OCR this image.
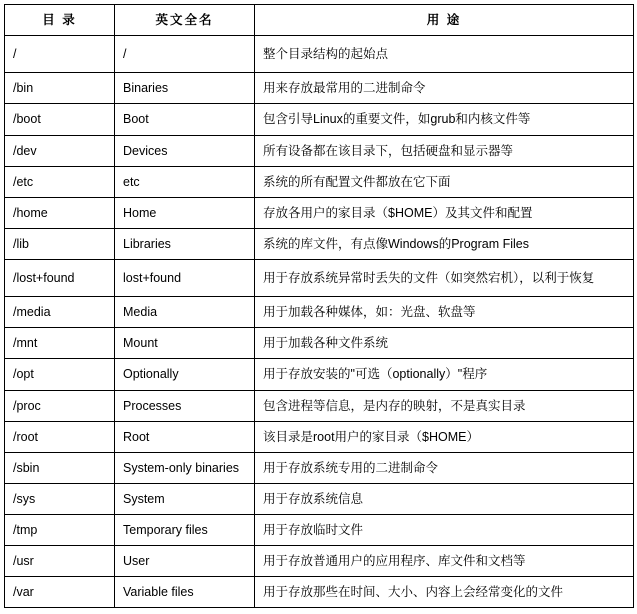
目 录	英文全名	用 途
/	/	整个目录结构的起始点
/bin	Binaries	用来存放最常用的二进制命令
/boot	Boot	包含引导Linux的重要文件，如grub和内核文件等
/dev	Devices	所有设备都在该目录下，包括硬盘和显示器等
/etc	etc	系统的所有配置文件都放在它下面
/home	Home	存放各用户的家目录（$HOME）及其文件和配置
/lib	Libraries	系统的库文件，有点像Windows的Program Files
/lost+found	lost+found	用于存放系统异常时丢失的文件（如突然宕机），以利于恢复
/media	Media	用于加载各种媒体，如：光盘、软盘等
/mnt	Mount	用于加载各种文件系统
/opt	Optionally	用于存放安装的"可选（optionally）"程序
/proc	Processes	包含进程等信息，是内存的映射，不是真实目录
/root	Root	该目录是root用户的家目录（$HOME）
/sbin	System-only binaries	用于存放系统专用的二进制命令
/sys	System	用于存放系统信息
/tmp	Temporary files	用于存放临时文件
/usr	User	用于存放普通用户的应用程序、库文件和文档等
/var	Variable files	用于存放那些在时间、大小、内容上会经常变化的文件
